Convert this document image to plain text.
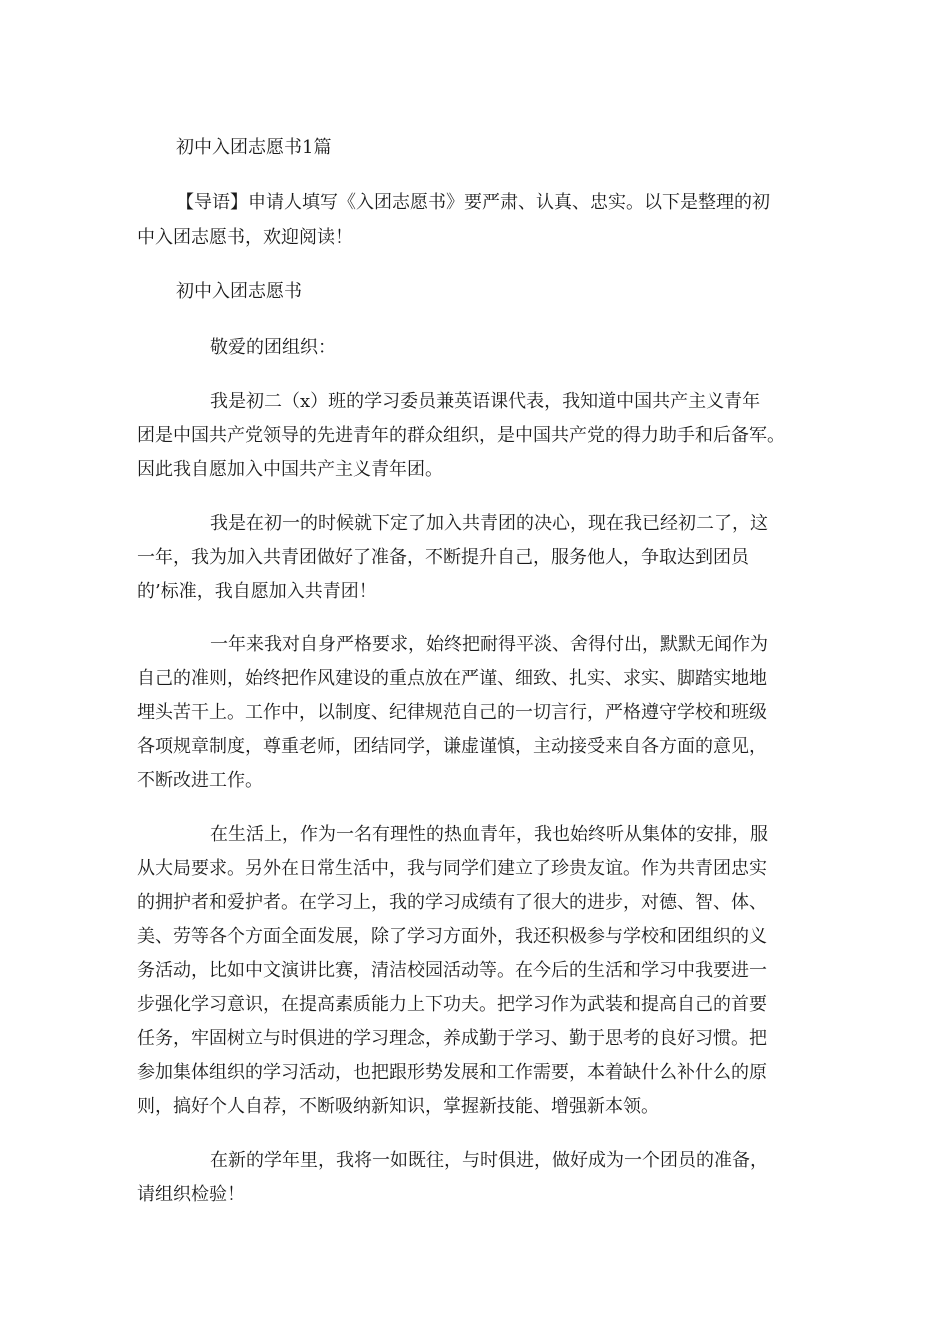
初中入团志愿书1篇
【导语】申请人填写《入团志愿书》要严肃、认真、忠实。以下是整理的初
中入团志愿书，欢迎阅读！
初中入团志愿书
敬爱的团组织：
我是初二（x）班的学习委员兼英语课代表，我知道中国共产主义青年
团是中国共产党领导的先进青年的群众组织，是中国共产党的得力助手和后备军。
因此我自愿加入中国共产主义青年团。
我是在初一的时候就下定了加入共青团的决心，现在我已经初二了，这
一年，我为加入共青团做好了准备，不断提升自己，服务他人，争取达到团员
的’标准，我自愿加入共青团！
一年来我对自身严格要求，始终把耐得平淡、舍得付出，默默无闻作为
自己的准则，始终把作风建设的重点放在严谨、细致、扎实、求实、脚踏实地地
埋头苦干上。工作中，以制度、纪律规范自己的一切言行，严格遵守学校和班级
各项规章制度，尊重老师，团结同学，谦虚谨慎，主动接受来自各方面的意见，
不断改进工作。
在生活上，作为一名有理性的热血青年，我也始终听从集体的安排，服
从大局要求。另外在日常生活中，我与同学们建立了珍贵友谊。作为共青团忠实
的拥护者和爱护者。在学习上，我的学习成绩有了很大的进步，对德、智、体、
美、劳等各个方面全面发展，除了学习方面外，我还积极参与学校和团组织的义
务活动，比如中文演讲比赛，清洁校园活动等。在今后的生活和学习中我要进一
步强化学习意识，在提高素质能力上下功夫。把学习作为武装和提高自己的首要
任务，牢固树立与时俱进的学习理念，养成勤于学习、勤于思考的良好习惯。把
参加集体组织的学习活动，也把跟形势发展和工作需要，本着缺什么补什么的原
则，搞好个人自荐，不断吸纳新知识，掌握新技能、增强新本领。
在新的学年里，我将一如既往，与时俱进，做好成为一个团员的准备，
请组织检验！
